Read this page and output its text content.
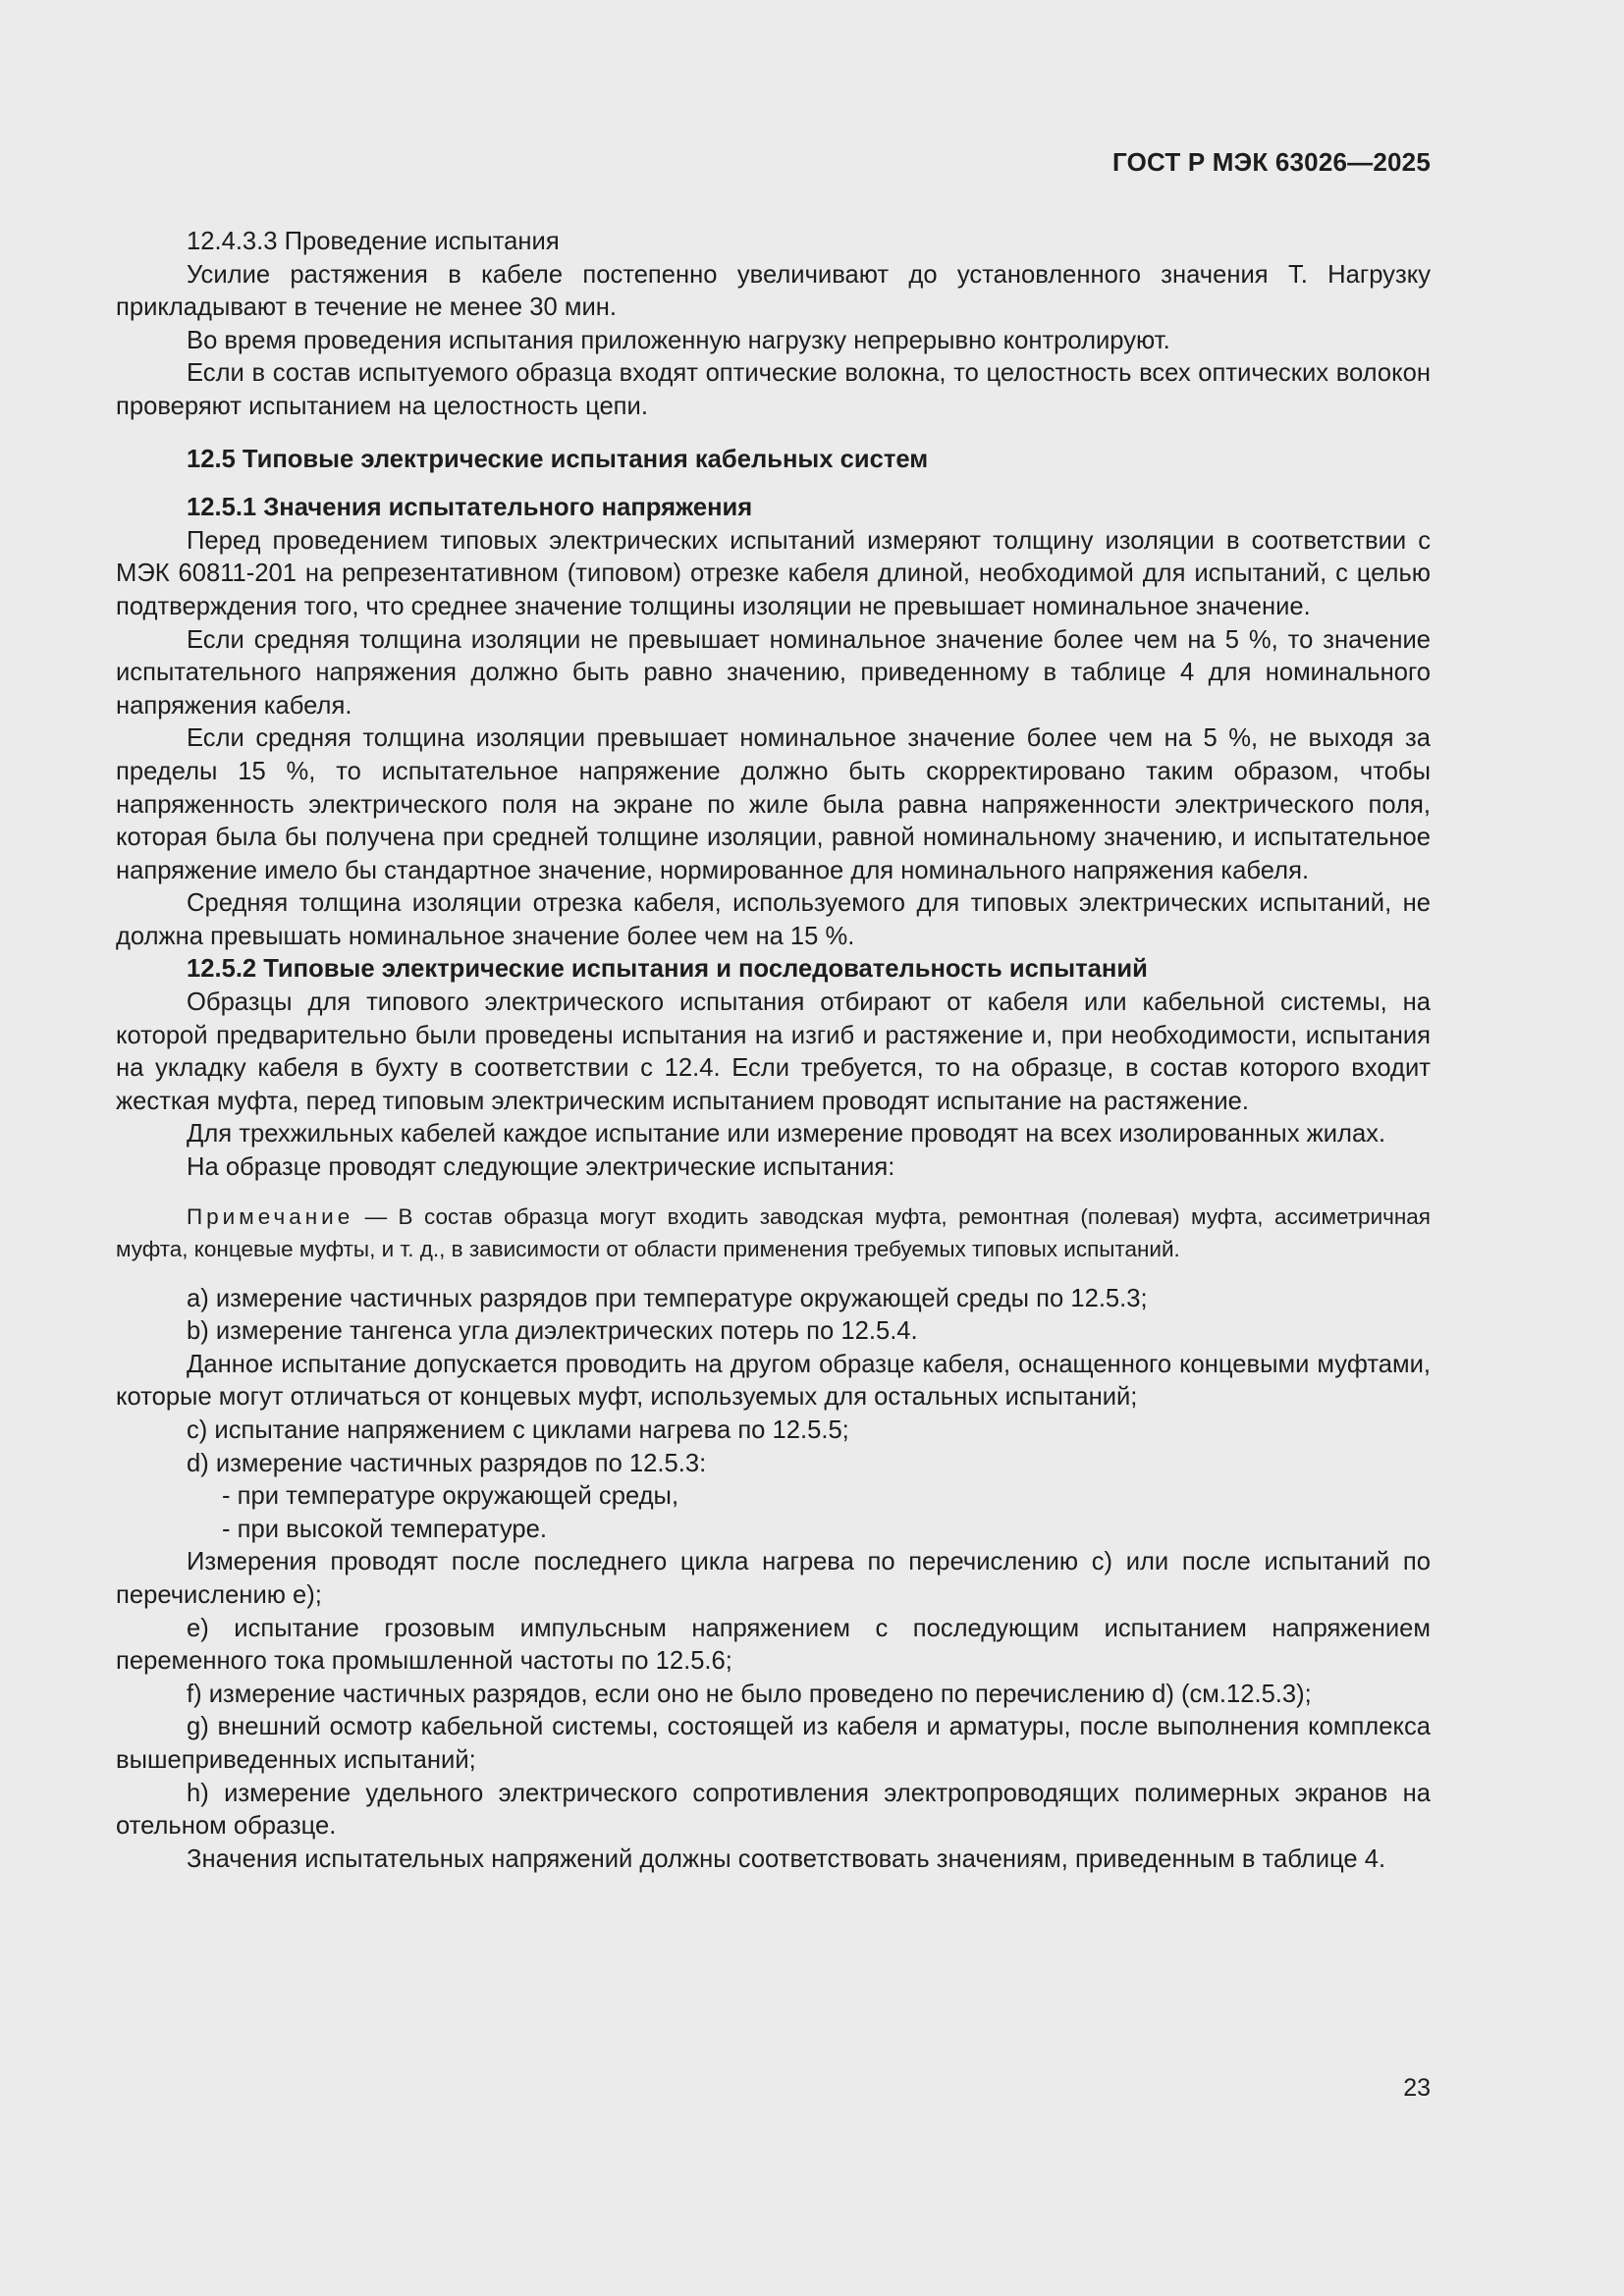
ГОСТ Р МЭК 63026—2025

12.4.3.3 Проведение испытания

Усилие растяжения в кабеле постепенно увеличивают до установленного значения T. Нагрузку прикладывают в течение не менее 30 мин.

Во время проведения испытания приложенную нагрузку непрерывно контролируют.

Если в состав испытуемого образца входят оптические волокна, то целостность всех оптических волокон проверяют испытанием на целостность цепи.

12.5 Типовые электрические испытания кабельных систем

12.5.1 Значения испытательного напряжения

Перед проведением типовых электрических испытаний измеряют толщину изоляции в соответствии с МЭК 60811-201 на репрезентативном (типовом) отрезке кабеля длиной, необходимой для испытаний, с целью подтверждения того, что среднее значение толщины изоляции не превышает номинальное значение.

Если средняя толщина изоляции не превышает номинальное значение более чем на 5 %, то значение испытательного напряжения должно быть равно значению, приведенному в таблице 4 для номинального напряжения кабеля.

Если средняя толщина изоляции превышает номинальное значение более чем на 5 %, не выходя за пределы 15 %, то испытательное напряжение должно быть скорректировано таким образом, чтобы напряженность электрического поля на экране по жиле была равна напряженности электрического поля, которая была бы получена при средней толщине изоляции, равной номинальному значению, и испытательное напряжение имело бы стандартное значение, нормированное для номинального напряжения кабеля.

Средняя толщина изоляции отрезка кабеля, используемого для типовых электрических испытаний, не должна превышать номинальное значение более чем на 15 %.

12.5.2 Типовые электрические испытания и последовательность испытаний

Образцы для типового электрического испытания отбирают от кабеля или кабельной системы, на которой предварительно были проведены испытания на изгиб и растяжение и, при необходимости, испытания на укладку кабеля в бухту в соответствии с 12.4. Если требуется, то на образце, в состав которого входит жесткая муфта, перед типовым электрическим испытанием проводят испытание на растяжение.

Для трехжильных кабелей каждое испытание или измерение проводят на всех изолированных жилах.

На образце проводят следующие электрические испытания:

Примечание — В состав образца могут входить заводская муфта, ремонтная (полевая) муфта, ассиметричная муфта, концевые муфты, и т. д., в зависимости от области применения требуемых типовых испытаний.

a) измерение частичных разрядов при температуре окружающей среды по 12.5.3;

b) измерение тангенса угла диэлектрических потерь по 12.5.4.

Данное испытание допускается проводить на другом образце кабеля, оснащенного концевыми муфтами, которые могут отличаться от концевых муфт, используемых для остальных испытаний;

c) испытание напряжением с циклами нагрева по 12.5.5;

d) измерение частичных разрядов по 12.5.3:

- при температуре окружающей среды,

- при высокой температуре.

Измерения проводят после последнего цикла нагрева по перечислению c) или после испытаний по перечислению e);

e) испытание грозовым импульсным напряжением с последующим испытанием напряжением переменного тока промышленной частоты по 12.5.6;

f) измерение частичных разрядов, если оно не было проведено по перечислению d) (см.12.5.3);

g) внешний осмотр кабельной системы, состоящей из кабеля и арматуры, после выполнения комплекса вышеприведенных испытаний;

h) измерение удельного электрического сопротивления электропроводящих полимерных экранов на отельном образце.

Значения испытательных напряжений должны соответствовать значениям, приведенным в таблице 4.

23
